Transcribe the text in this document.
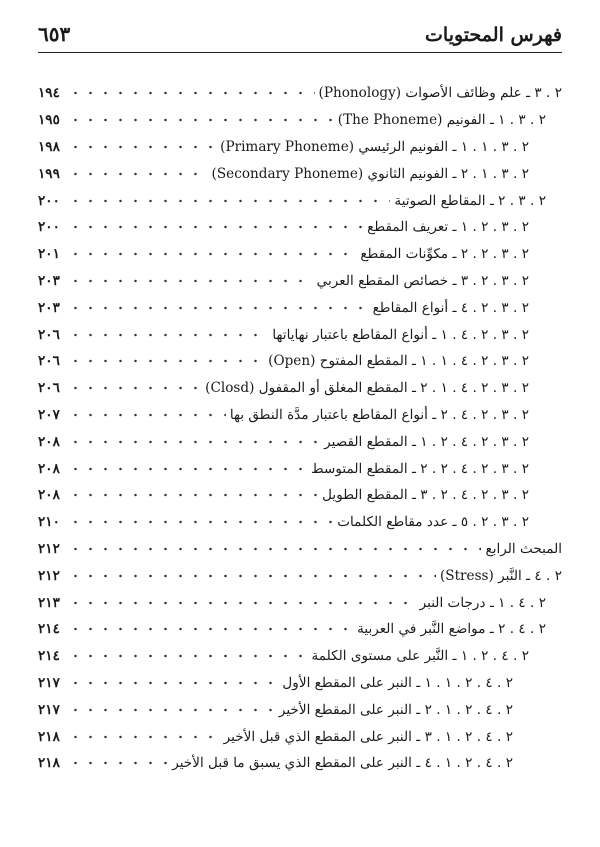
فهرس المحتويات
٦٥٣
٢ . ٣ ـ علم وظائف الأصوات (Phonology)
١٩٤
٢ . ٣ . ١ ـ الفونيم (The Phoneme)
١٩٥
٢ . ٣ . ١ . ١ ـ الفونيم الرئيسي (Primary Phoneme)
١٩٨
٢ . ٣ . ١ . ٢ ـ الفونيم الثانوي (Secondary Phoneme)
١٩٩
٢ . ٣ . ٢ ـ المقاطع الصوتية
٢٠٠
٢ . ٣ . ٢ . ١ ـ تعريف المقطع
٢٠٠
٢ . ٣ . ٢ . ٢ ـ مكوِّنات المقطع
٢٠١
٢ . ٣ . ٢ . ٣ ـ خصائص المقطع العربي
٢٠٣
٢ . ٣ . ٢ . ٤ ـ أنواع المقاطع
٢٠٣
٢ . ٣ . ٢ . ٤ . ١ ـ أنواع المقاطع باعتبار نهاياتها
٢٠٦
٢ . ٣ . ٢ . ٤ . ١ . ١ ـ المقطع المفتوح (Open)
٢٠٦
٢ . ٣ . ٢ . ٤ . ١ . ٢ ـ المقطع المغلق أو المقفول (Closd)
٢٠٦
٢ . ٣ . ٢ . ٤ . ٢ ـ أنواع المقاطع باعتبار مدَّة النطق بها
٢٠٧
٢ . ٣ . ٢ . ٤ . ٢ . ١ ـ المقطع القصير
٢٠٨
٢ . ٣ . ٢ . ٤ . ٢ . ٢ ـ المقطع المتوسط
٢٠٨
٢ . ٣ . ٢ . ٤ . ٢ . ٣ ـ المقطع الطويل
٢٠٨
٢ . ٣ . ٢ . ٥ ـ عدد مقاطع الكلمات
٢١٠
المبحث الرابع
٢١٢
٢ . ٤ ـ النَّبر (Stress)
٢١٢
٢ . ٤ . ١ ـ درجات النبر
٢١٣
٢ . ٤ . ٢ ـ مواضع النَّبر في العربية
٢١٤
٢ . ٤ . ٢ . ١ ـ النَّبر على مستوى الكلمة
٢١٤
٢ . ٤ . ٢ . ١ . ١ ـ النبر على المقطع الأول
٢١٧
٢ . ٤ . ٢ . ١ . ٢ ـ النبر على المقطع الأخير
٢١٧
٢ . ٤ . ٢ . ١ . ٣ ـ النبر على المقطع الذي قبل الأخير
٢١٨
٢ . ٤ . ٢ . ١ . ٤ ـ النبر على المقطع الذي يسبق ما قبل الأخير
٢١٨
